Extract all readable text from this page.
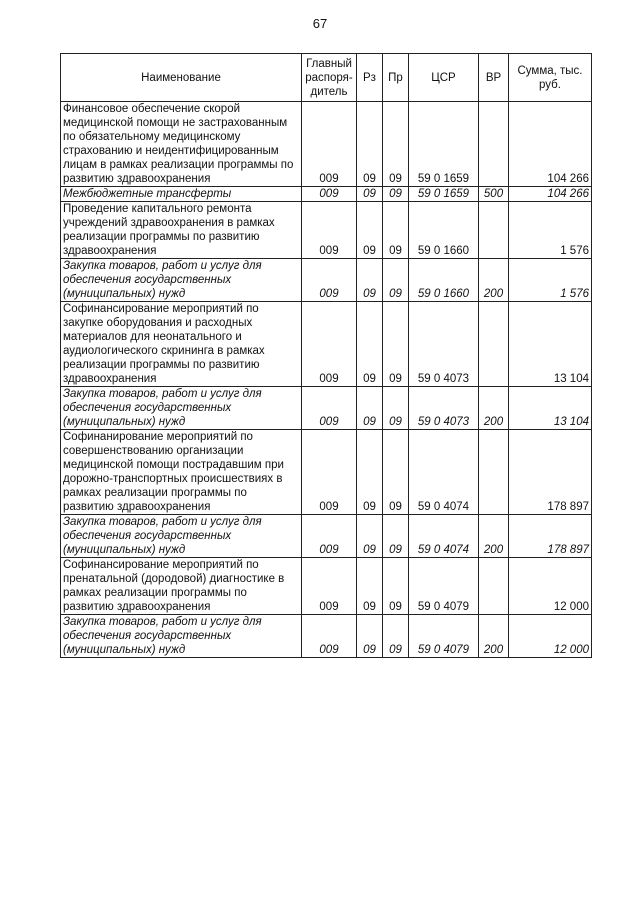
67
Наименование	Главный распоря-дитель	Рз	Пр	ЦСР	ВР	Сумма, тыс. руб.
Финансовое обеспечение скорой медицинской помощи не застрахованным по обязательному медицинскому страхованию и неидентифицированным лицам в рамках реализации программы по развитию здравоохранения	009	09	09	59 0 1659		104 266
Межбюджетные трансферты	009	09	09	59 0 1659	500	104 266
Проведение капитального ремонта учреждений здравоохранения в рамках реализации программы по развитию здравоохранения	009	09	09	59 0 1660		1 576
Закупка товаров, работ и услуг для обеспечения государственных (муниципальных) нужд	009	09	09	59 0 1660	200	1 576
Софинансирование мероприятий по закупке оборудования и расходных материалов для неонатального и аудиологического скрининга в рамках реализации программы по развитию здравоохранения	009	09	09	59 0 4073		13 104
Закупка товаров, работ и услуг для обеспечения государственных (муниципальных) нужд	009	09	09	59 0 4073	200	13 104
Софинанирование мероприятий по совершенствованию организации медицинской помощи пострадавшим при дорожно-транспортных происшествиях в рамках реализации программы по развитию здравоохранения	009	09	09	59 0 4074		178 897
Закупка товаров, работ и услуг для обеспечения государственных (муниципальных) нужд	009	09	09	59 0 4074	200	178 897
Софинансирование мероприятий по пренатальной (дородовой) диагностике в рамках реализации программы по развитию здравоохранения	009	09	09	59 0 4079		12 000
Закупка товаров, работ и услуг для обеспечения государственных (муниципальных) нужд	009	09	09	59 0 4079	200	12 000
